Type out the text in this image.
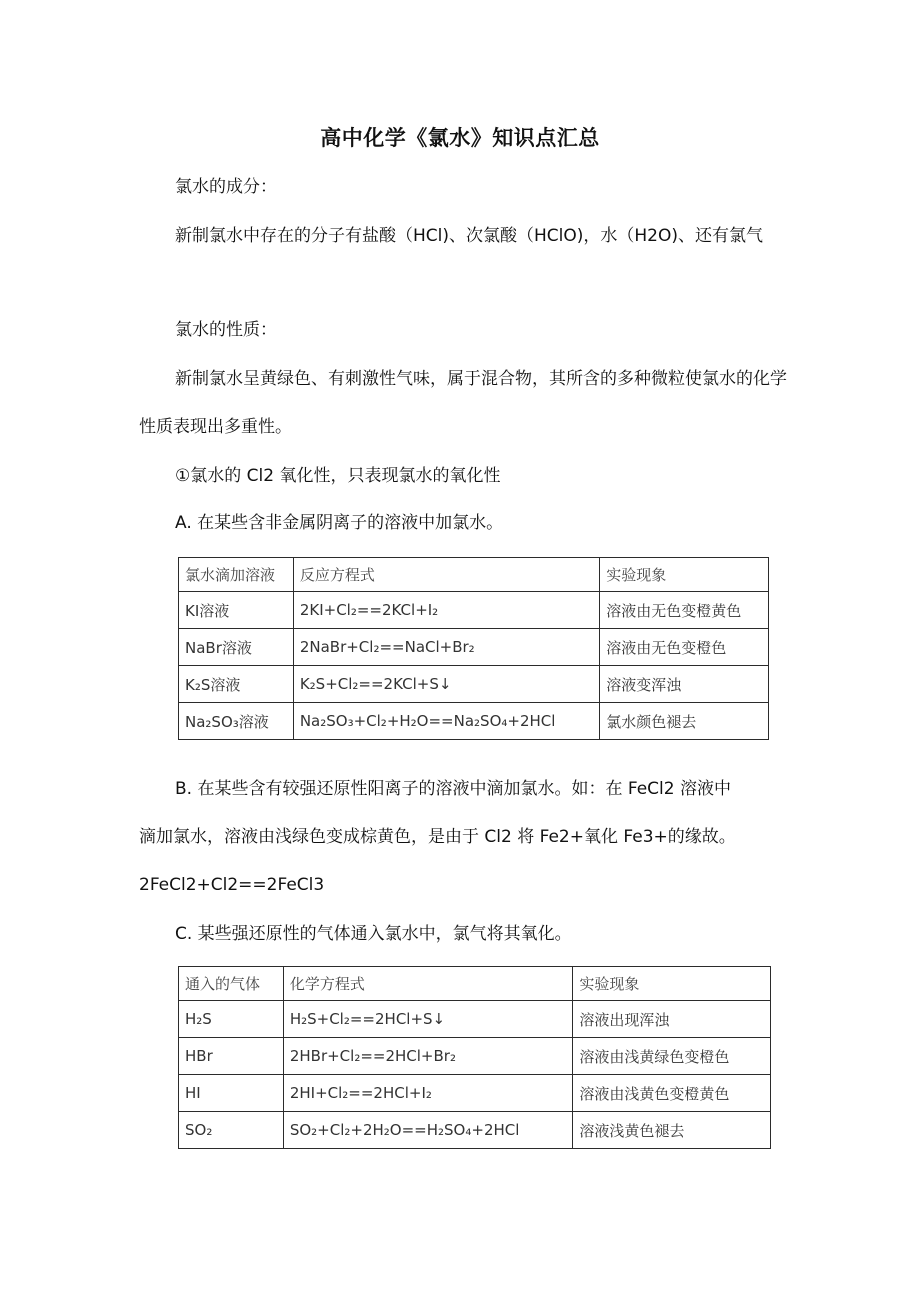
高中化学《氯水》知识点汇总
氯水的成分：

新制氯水中存在的分子有盐酸（HCl)、次氯酸（HClO)，水（H2O)、还有氯气

氯水的性质：

新制氯水呈黄绿色、有刺激性气味，属于混合物，其所含的多种微粒使氯水的化学性质表现出多重性。

①氯水的 Cl2 氧化性，只表现氯水的氧化性
A. 在某些含非金属阴离子的溶液中加氯水。
氯水滴加溶液	反应方程式	实验现象
KI溶液	2KI+Cl₂==2KCl+I₂	溶液由无色变橙黄色
NaBr溶液	2NaBr+Cl₂==NaCl+Br₂	溶液由无色变橙色
K₂S溶液	K₂S+Cl₂==2KCl+S↓	溶液变浑浊
Na₂SO₃溶液	Na₂SO₃+Cl₂+H₂O==Na₂SO₄+2HCl	氯水颜色褪去
B. 在某些含有较强还原性阳离子的溶液中滴加氯水。如：在 FeCl2 溶液中
滴加氯水，溶液由浅绿色变成棕黄色，是由于 Cl2 将 Fe2+氧化 Fe3+的缘故。
2FeCl2+Cl2==2FeCl3
C. 某些强还原性的气体通入氯水中，氯气将其氧化。
通入的气体	化学方程式	实验现象
H₂S	H₂S+Cl₂==2HCl+S↓	溶液出现浑浊
HBr	2HBr+Cl₂==2HCl+Br₂	溶液由浅黄绿色变橙色
HI	2HI+Cl₂==2HCl+I₂	溶液由浅黄色变橙黄色
SO₂	SO₂+Cl₂+2H₂O==H₂SO₄+2HCl	溶液浅黄色褪去
